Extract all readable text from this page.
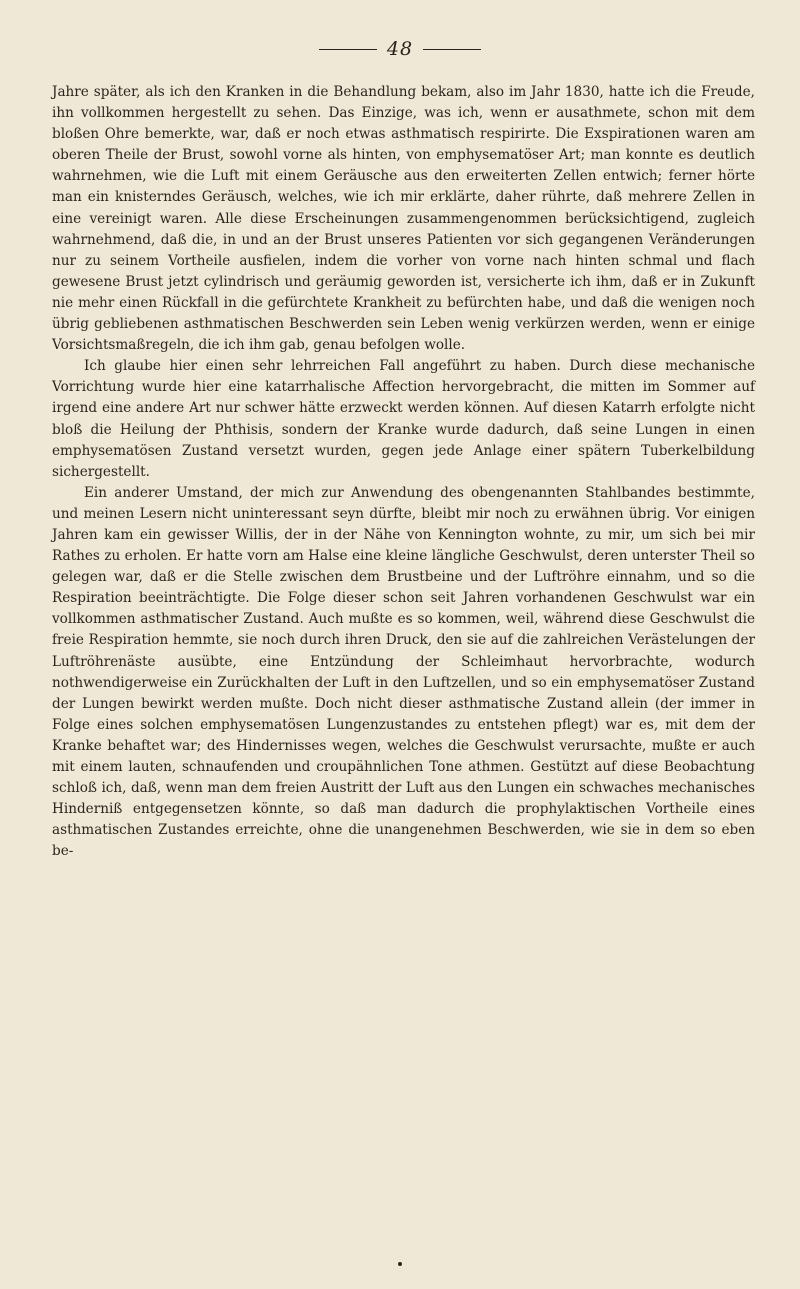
48

Jahre später, als ich den Kranken in die Behandlung bekam, also im Jahr 1830, hatte ich die Freude, ihn vollkommen hergestellt zu sehen. Das Einzige, was ich, wenn er ausathmete, schon mit dem bloßen Ohre bemerkte, war, daß er noch etwas asthmatisch respirirte. Die Exspirationen waren am oberen Theile der Brust, sowohl vorne als hinten, von emphysematöser Art; man konnte es deutlich wahrnehmen, wie die Luft mit einem Geräusche aus den erweiterten Zellen entwich; ferner hörte man ein knisterndes Geräusch, welches, wie ich mir erklärte, daher rührte, daß mehrere Zellen in eine vereinigt waren. Alle diese Erscheinungen zusammengenommen berücksichtigend, zugleich wahrnehmend, daß die, in und an der Brust unseres Patienten vor sich gegangenen Veränderungen nur zu seinem Vortheile ausfielen, indem die vorher von vorne nach hinten schmal und flach gewesene Brust jetzt cylindrisch und geräumig geworden ist, versicherte ich ihm, daß er in Zukunft nie mehr einen Rückfall in die gefürchtete Krankheit zu befürchten habe, und daß die wenigen noch übrig gebliebenen asthmatischen Beschwerden sein Leben wenig verkürzen werden, wenn er einige Vorsichtsmaßregeln, die ich ihm gab, genau befolgen wolle.

Ich glaube hier einen sehr lehrreichen Fall angeführt zu haben. Durch diese mechanische Vorrichtung wurde hier eine katarrhalische Affection hervorgebracht, die mitten im Sommer auf irgend eine andere Art nur schwer hätte erzweckt werden können. Auf diesen Katarrh erfolgte nicht bloß die Heilung der Phthisis, sondern der Kranke wurde dadurch, daß seine Lungen in einen emphysematösen Zustand versetzt wurden, gegen jede Anlage einer spätern Tuberkelbildung sichergestellt.

Ein anderer Umstand, der mich zur Anwendung des obengenannten Stahlbandes bestimmte, und meinen Lesern nicht uninteressant seyn dürfte, bleibt mir noch zu erwähnen übrig. Vor einigen Jahren kam ein gewisser Willis, der in der Nähe von Kennington wohnte, zu mir, um sich bei mir Rathes zu erholen. Er hatte vorn am Halse eine kleine längliche Geschwulst, deren unterster Theil so gelegen war, daß er die Stelle zwischen dem Brustbeine und der Luftröhre einnahm, und so die Respiration beeinträchtigte. Die Folge dieser schon seit Jahren vorhandenen Geschwulst war ein vollkommen asthmatischer Zustand. Auch mußte es so kommen, weil, während diese Geschwulst die freie Respiration hemmte, sie noch durch ihren Druck, den sie auf die zahlreichen Verästelungen der Luftröhrenäste ausübte, eine Entzündung der Schleimhaut hervorbrachte, wodurch nothwendigerweise ein Zurückhalten der Luft in den Luftzellen, und so ein emphysematöser Zustand der Lungen bewirkt werden mußte. Doch nicht dieser asthmatische Zustand allein (der immer in Folge eines solchen emphysematösen Lungenzustandes zu entstehen pflegt) war es, mit dem der Kranke behaftet war; des Hindernisses wegen, welches die Geschwulst verursachte, mußte er auch mit einem lauten, schnaufenden und croupähnlichen Tone athmen. Gestützt auf diese Beobachtung schloß ich, daß, wenn man dem freien Austritt der Luft aus den Lungen ein schwaches mechanisches Hinderniß entgegensetzen könnte, so daß man dadurch die prophylaktischen Vortheile eines asthmatischen Zustandes erreichte, ohne die unangenehmen Beschwerden, wie sie in dem so eben be-
